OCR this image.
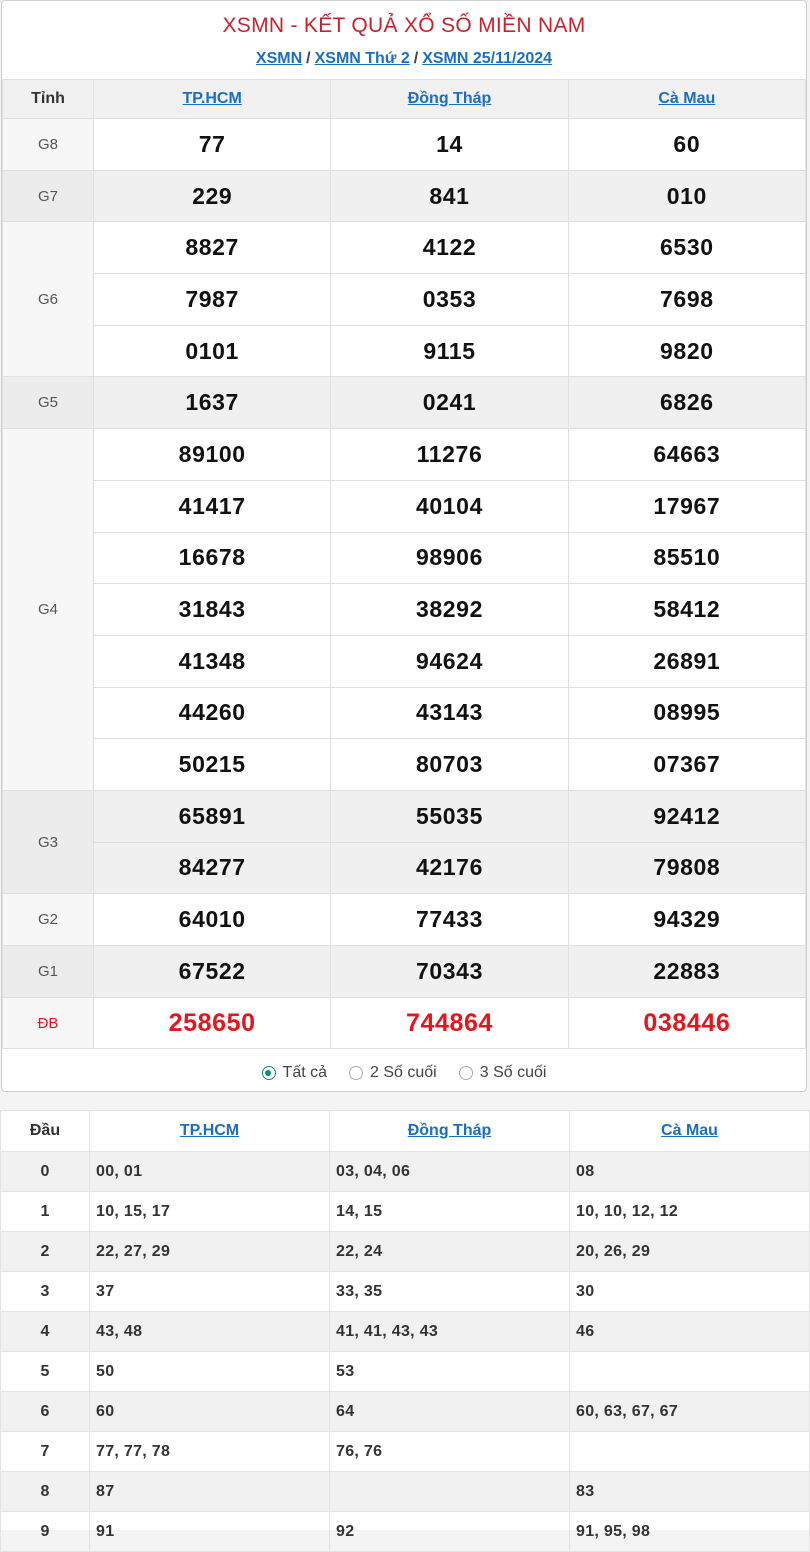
XSMN - KẾT QUẢ XỔ SỐ MIỀN NAM
XSMN / XSMN Thứ 2 / XSMN 25/11/2024
Tỉnh	TP.HCM	Đồng Tháp	Cà Mau
G8	77	14	60
G7	229	841	010
G6	8827	4122	6530
	7987	0353	7698
	0101	9115	9820
G5	1637	0241	6826
G4	89100	11276	64663
	41417	40104	17967
	16678	98906	85510
	31843	38292	58412
	41348	94624	26891
	44260	43143	08995
	50215	80703	07367
G3	65891	55035	92412
	84277	42176	79808
G2	64010	77433	94329
G1	67522	70343	22883
ĐB	258650	744864	038446
Tất cả	2 Số cuối	3 Số cuối
Đầu	TP.HCM	Đồng Tháp	Cà Mau
0	00, 01	03, 04, 06	08
1	10, 15, 17	14, 15	10, 10, 12, 12
2	22, 27, 29	22, 24	20, 26, 29
3	37	33, 35	30
4	43, 48	41, 41, 43, 43	46
5	50	53	
6	60	64	60, 63, 67, 67
7	77, 77, 78	76, 76	
8	87		83
9	91	92	91, 95, 98
